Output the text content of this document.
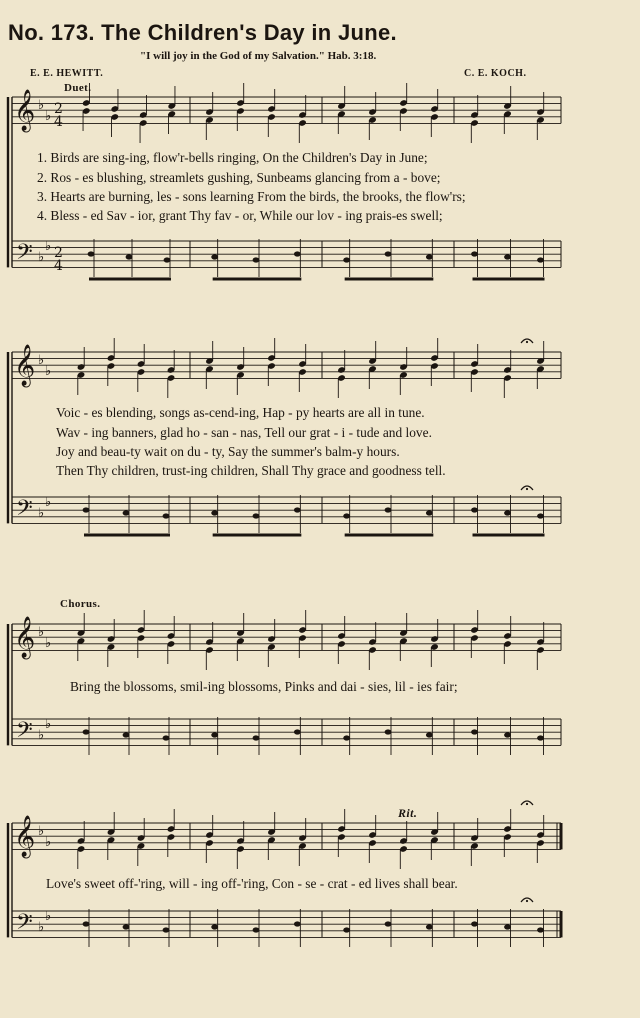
No. 173. The Children's Day in June.
"I will joy in the God of my Salvation." Hab. 3:18.
E. E. HEWITT.	C. E. KOCH.
Duet.
Chorus.
Rit.
𝄞
𝄢
♭
♭
♭
♭
𝄞
𝄢
♭
♭
♭
♭
𝄞
𝄢
♭
♭
♭
♭
𝄞
𝄢
♭
♭
♭
♭
2
4
2
4
1. Birds are sing-ing, flow'r-bells ringing, On the Children's Day in June;
2. Ros - es blushing, streamlets gushing, Sunbeams glancing from a - bove;
3. Hearts are burning, les - sons learning From the birds, the brooks, the flow'rs;
4. Bless - ed Sav - ior, grant Thy fav - or, While our lov - ing prais-es swell;
Voic - es blending, songs as-cend-ing, Hap - py hearts are all in tune.
Wav - ing banners, glad ho - san - nas, Tell our grat - i - tude and love.
Joy and beau-ty wait on du - ty, Say the summer's balm-y hours.
Then Thy children, trust-ing children, Shall Thy grace and goodness tell.
Bring the blossoms, smil-ing blossoms, Pinks and dai - sies, lil - ies fair;
Love's sweet off-'ring, will - ing off-'ring, Con - se - crat - ed lives shall bear.
